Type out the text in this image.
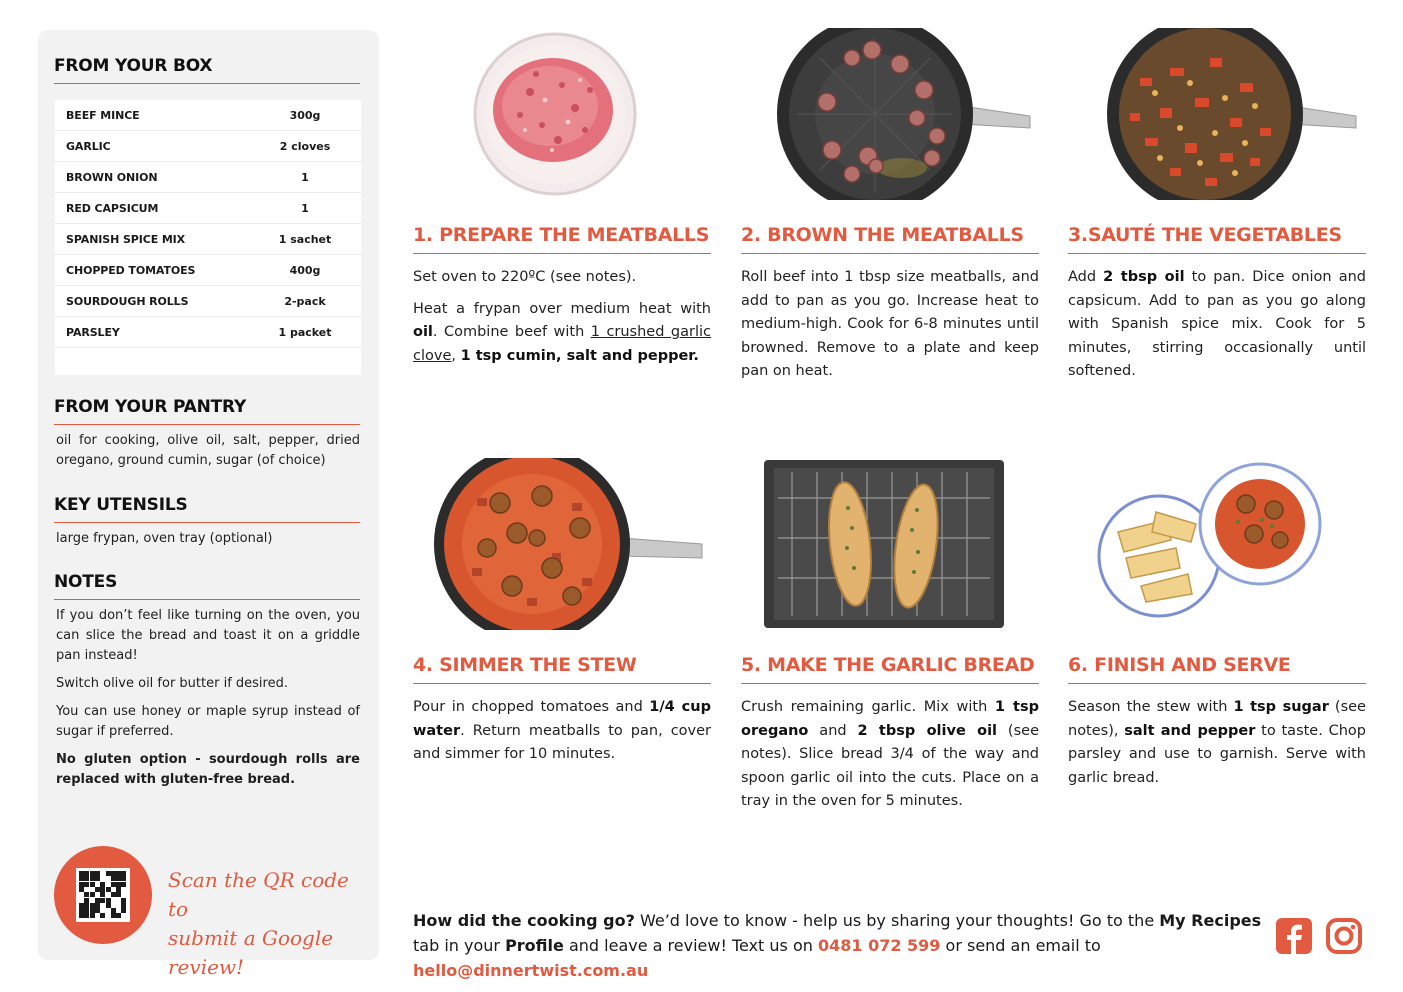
FROM YOUR BOX
BEEF MINCE	300g
GARLIC	2 cloves
BROWN ONION	1
RED CAPSICUM	1
SPANISH SPICE MIX	1 sachet
CHOPPED TOMATOES	400g
SOURDOUGH ROLLS	2-pack
PARSLEY	1 packet
FROM YOUR PANTRY

oil for cooking, olive oil, salt, pepper, dried oregano, ground cumin, sugar (of choice)

KEY UTENSILS

large frypan, oven tray (optional)

NOTES

If you don’t feel like turning on the oven, you can slice the bread and toast it on a griddle pan instead!

Switch olive oil for butter if desired.

You can use honey or maple syrup instead of sugar if preferred.

No gluten option - sourdough rolls are replaced with gluten-free bread.

Scan the QR code to
submit a Google review!
1. PREPARE THE MEATBALLS

Set oven to 220ºC (see notes).

Heat a frypan over medium heat with oil. Combine beef with 1 crushed garlic clove, 1 tsp cumin, salt and pepper.

2. BROWN THE MEATBALLS

Roll beef into 1 tbsp size meatballs, and add to pan as you go. Increase heat to medium-high. Cook for 6-8 minutes until browned. Remove to a plate and keep pan on heat.

3.SAUTÉ THE VEGETABLES

Add 2 tbsp oil to pan. Dice onion and capsicum. Add to pan as you go along with Spanish spice mix. Cook for 5 minutes, stirring occasionally until softened.

4. SIMMER THE STEW

Pour in chopped tomatoes and 1/4 cup water. Return meatballs to pan, cover and simmer for 10 minutes.

5. MAKE THE GARLIC BREAD

Crush remaining garlic. Mix with 1 tsp oregano and 2 tbsp olive oil (see notes). Slice bread 3/4 of the way and spoon garlic oil into the cuts. Place on a tray in the oven for 5 minutes.

6. FINISH AND SERVE

Season the stew with 1 tsp sugar (see notes), salt and pepper to taste. Chop parsley and use to garnish. Serve with garlic bread.

How did the cooking go? We’d love to know - help us by sharing your thoughts! Go to the My Recipes tab in your Profile and leave a review! Text us on 0481 072 599 or send an email to hello@dinnertwist.com.au
